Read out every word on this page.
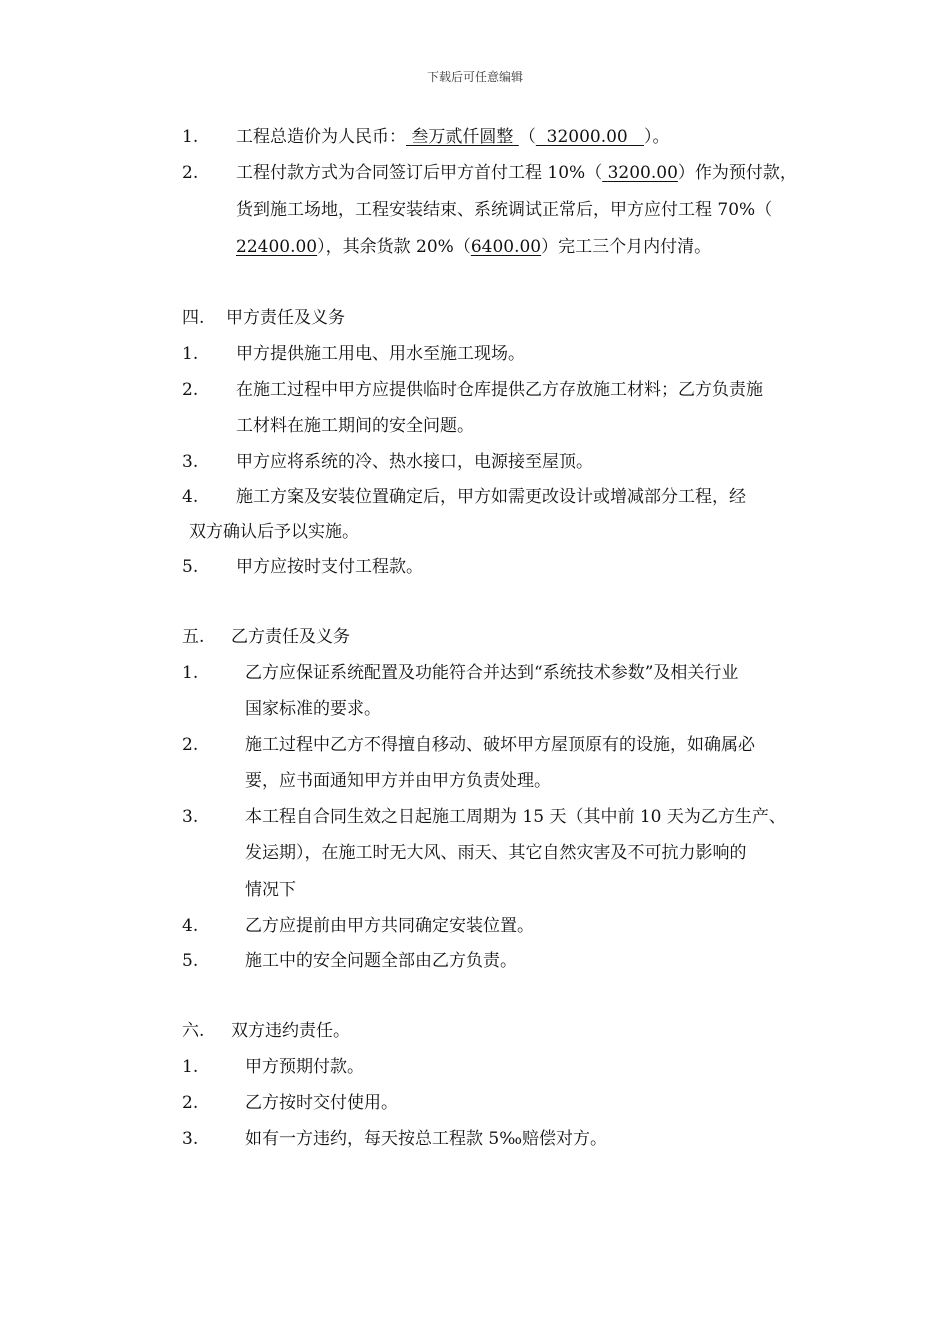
下载后可任意编辑
1. 工程总造价为人民币： 叁万贰仟圆整 （ 32000.00 ）。
2. 工程付款方式为合同签订后甲方首付工程 10%（ 3200.00）作为预付款，
货到施工场地，工程安装结束、系统调试正常后，甲方应付工程 70%（
22400.00），其余货款 20%（6400.00）完工三个月内付清。
四. 甲方责任及义务
1. 甲方提供施工用电、用水至施工现场。
2. 在施工过程中甲方应提供临时仓库提供乙方存放施工材料；乙方负责施
工材料在施工期间的安全问题。
3. 甲方应将系统的冷、热水接口，电源接至屋顶。
4. 施工方案及安装位置确定后，甲方如需更改设计或增减部分工程，经
双方确认后予以实施。
5. 甲方应按时支付工程款。
五. 乙方责任及义务
1.	乙方应保证系统配置及功能符合并达到“系统技术参数”及相关行业
国家标准的要求。
2.	施工过程中乙方不得擅自移动、破坏甲方屋顶原有的设施，如确属必
要，应书面通知甲方并由甲方负责处理。
3.	本工程自合同生效之日起施工周期为 15 天（其中前 10 天为乙方生产、
发运期），在施工时无大风、雨天、其它自然灾害及不可抗力影响的
情况下
4.	乙方应提前由甲方共同确定安装位置。
5.	施工中的安全问题全部由乙方负责。
六. 双方违约责任。
1.	甲方预期付款。
2.	乙方按时交付使用。
3.	如有一方违约，每天按总工程款 5‰赔偿对方。
